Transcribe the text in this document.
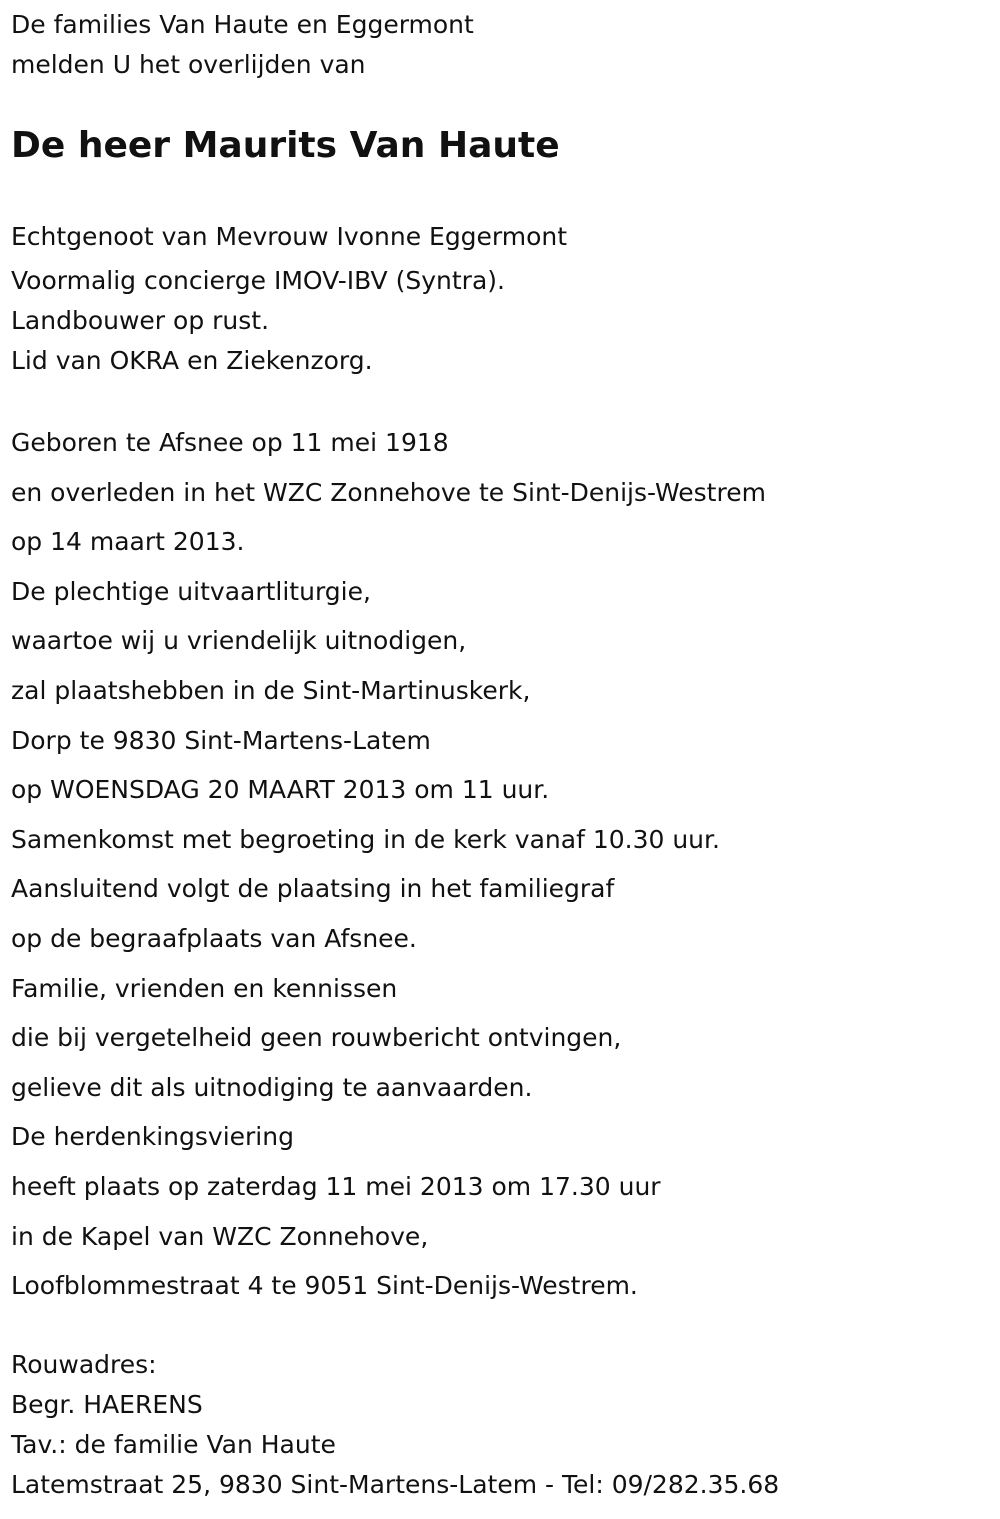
De families Van Haute en Eggermont

melden U het overlijden van

De heer Maurits Van Haute

Echtgenoot van Mevrouw Ivonne Eggermont

Voormalig concierge IMOV-IBV (Syntra).

Landbouwer op rust.

Lid van OKRA en Ziekenzorg.

Geboren te Afsnee op 11 mei 1918

en overleden in het WZC Zonnehove te Sint-Denijs-Westrem

op 14 maart 2013.

De plechtige uitvaartliturgie,

waartoe wij u vriendelijk uitnodigen,

zal plaatshebben in de Sint-Martinuskerk,

Dorp te 9830 Sint-Martens-Latem

op WOENSDAG 20 MAART 2013 om 11 uur.

Samenkomst met begroeting in de kerk vanaf 10.30 uur.

Aansluitend volgt de plaatsing in het familiegraf

op de begraafplaats van Afsnee.

Familie, vrienden en kennissen

die bij vergetelheid geen rouwbericht ontvingen,

gelieve dit als uitnodiging te aanvaarden.

De herdenkingsviering

heeft plaats op zaterdag 11 mei 2013 om 17.30 uur

in de Kapel van WZC Zonnehove,

Loofblommestraat 4 te 9051 Sint-Denijs-Westrem.

Rouwadres:

Begr. HAERENS

Tav.: de familie Van Haute

Latemstraat 25, 9830 Sint-Martens-Latem - Tel: 09/282.35.68
